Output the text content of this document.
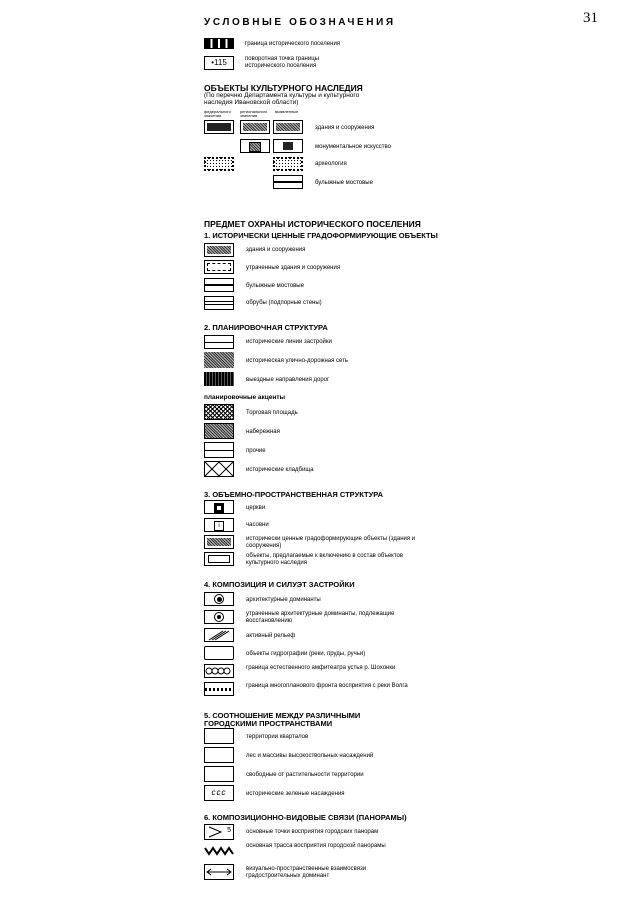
31
УСЛОВНЫЕ ОБОЗНАЧЕНИЯ
граница исторического поселения
•115	поворотная точка границы исторического поселения
ОБЪЕКТЫ КУЛЬТУРНОГО НАСЛЕДИЯ
(По перечню Департамента культуры и культурного наследия Ивановской области)
федерального значения
регионального значения
выявленные
здания и сооружения
монументальное искусство
археология
булыжные мостовые
ПРЕДМЕТ ОХРАНЫ ИСТОРИЧЕСКОГО ПОСЕЛЕНИЯ
1. ИСТОРИЧЕСКИ ЦЕННЫЕ ГРАДОФОРМИРУЮЩИЕ ОБЪЕКТЫ
здания и сооружения
утраченные здания и сооружения
булыжные мостовые
обрубы (подпорные стены)
2. ПЛАНИРОВОЧНАЯ СТРУКТУРА
исторические линии застройки
историческая улично-дорожная сеть
выездные направления дорог
планировочные акценты
Торговая площадь
набережная
прочие
исторические кладбища
3. ОБЪЕМНО-ПРОСТРАНСТВЕННАЯ СТРУКТУРА
церкви
i	часовни
исторически ценные градоформирующие объекты (здания и сооружения)
объекты, предлагаемые к включению в состав объектов культурного наследия
4. КОМПОЗИЦИЯ И СИЛУЭТ ЗАСТРОЙКИ
архитектурные доминанты
утраченные архитектурные доминанты, подлежащие восстановлению
активный рельеф
объекты гидрографии (реки, пруды, ручьи)
граница естественного амфитеатра устья р. Шохонки
граница многопланового фронта восприятия с реки Волга
5. СООТНОШЕНИЕ МЕЖДУ РАЗЛИЧНЫМИ ГОРОДСКИМИ ПРОСТРАНСТВАМИ
территории кварталов
лес и массивы высокоствольных насаждений
свободные от растительности территории
ccc	исторические зеленые насаждения
6. КОМПОЗИЦИОННО-ВИДОВЫЕ СВЯЗИ (ПАНОРАМЫ)
5	основные точки восприятия городских панорам
основная трасса восприятия городской панорамы
визуально-пространственные взаимосвязи градостроительных доминант
